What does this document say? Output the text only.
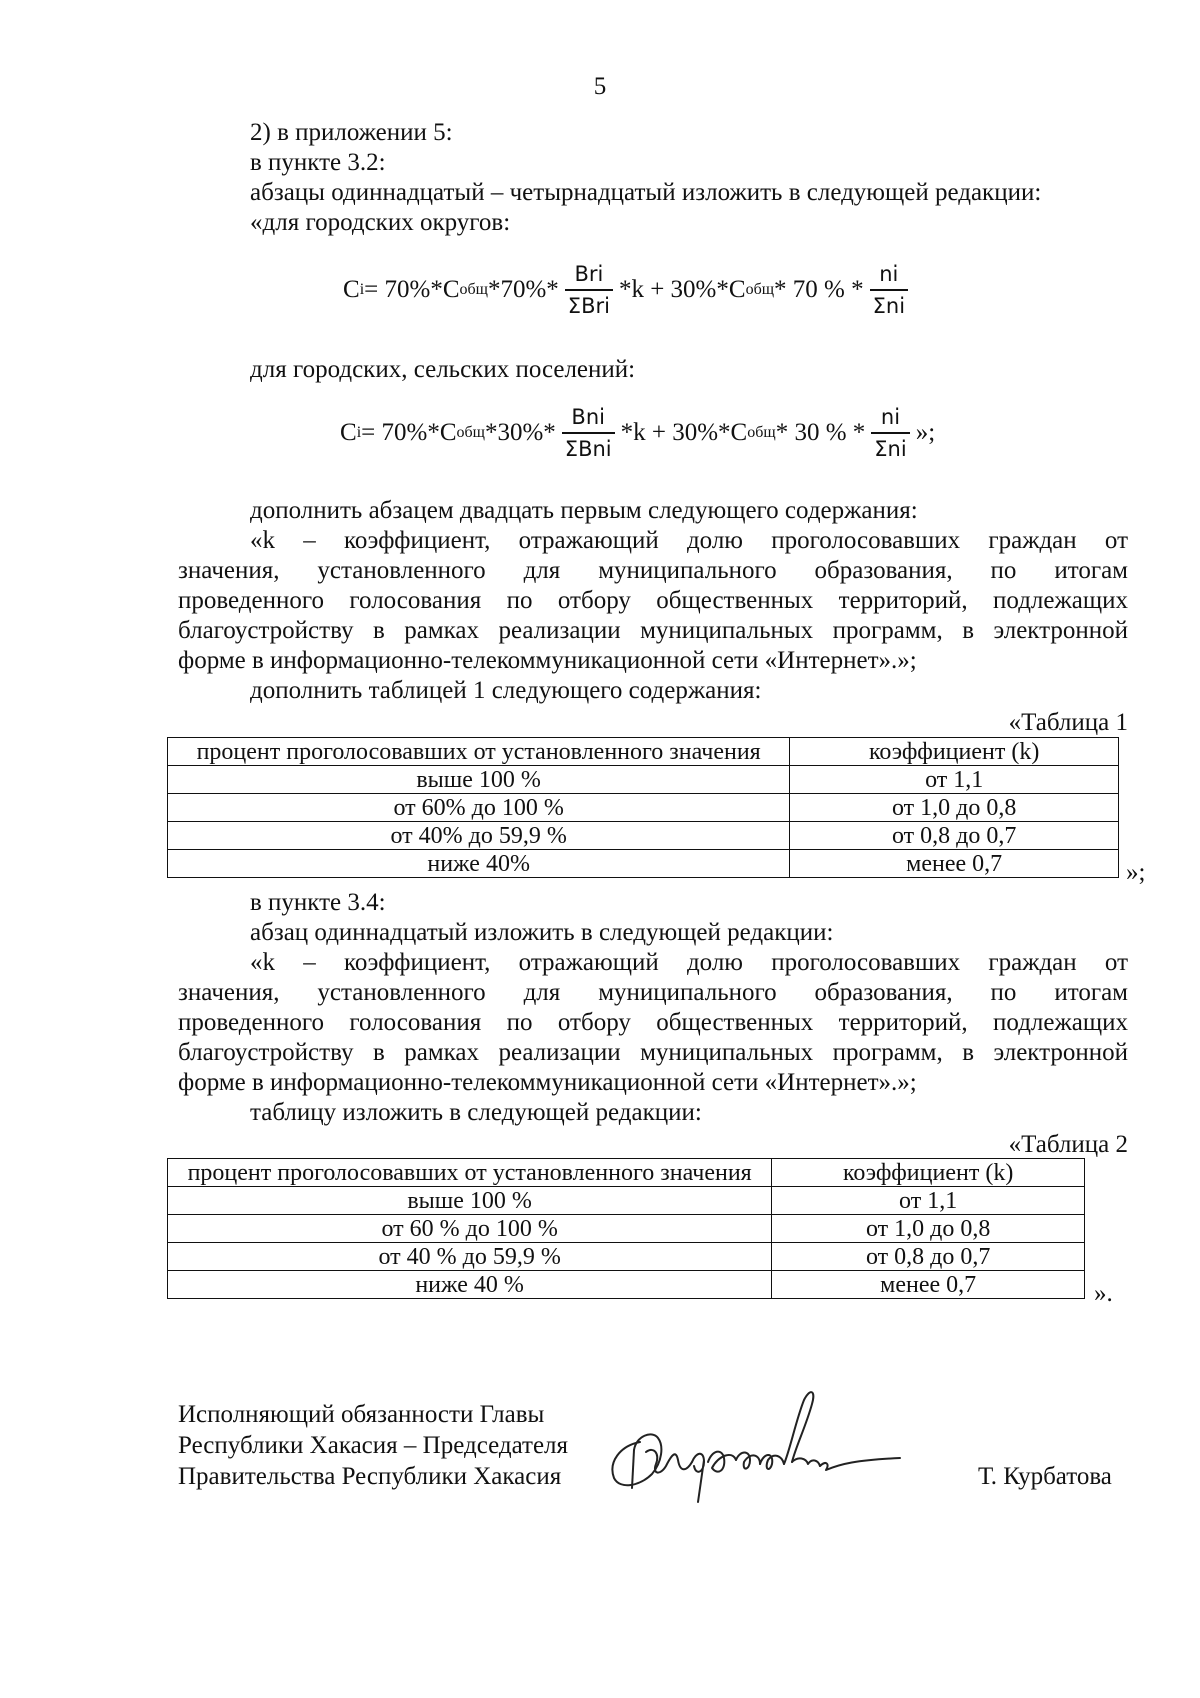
5
2) в приложении 5:
в пункте 3.2:
абзацы одиннадцатый – четырнадцатый изложить в следующей редакции:
«для городских округов:
C i = 70%*C общ $*70\%* \frac{\text{Bri}}{\text{ΣBri}} *k + 30\%*C$ общ * 70 % * $\frac{ni}{\text{Σni}}$
для городских, сельских поселений:
C i = 70%*C общ $*30\%* \frac{\text{Bni}}{\text{ΣBni}} *k + 30\%*C$ общ * 30 % * $\frac{ni}{\text{Σni}}$ »;
дополнить абзацем двадцать первым следующего содержания:
«k – коэффициент, отражающий долю проголосовавших граждан от
значения, установленного для муниципального образования, по итогам
проведенного голосования по отбору общественных территорий, подлежащих
благоустройству в рамках реализации муниципальных программ, в электронной
форме в информационно-телекоммуникационной сети «Интернет».»;
дополнить таблицей 1 следующего содержания:
«Таблица 1
процент проголосовавших от установленного значения	коэффициент (k)
выше 100 %	от 1,1
от 60% до 100 %	от 1,0 до 0,8
от 40% до 59,9 %	от 0,8 до 0,7
ниже 40%	менее 0,7	»;
в пункте 3.4:
абзац одиннадцатый изложить в следующей редакции:
«k – коэффициент, отражающий долю проголосовавших граждан от
значения, установленного для муниципального образования, по итогам
проведенного голосования по отбору общественных территорий, подлежащих
благоустройству в рамках реализации муниципальных программ, в электронной
форме в информационно-телекоммуникационной сети «Интернет».»;
таблицу изложить в следующей редакции:
«Таблица 2
процент проголосовавших от установленного значения	коэффициент (k)
выше 100 %	от 1,1
от 60 % до 100 %	от 1,0 до 0,8
от 40 % до 59,9 %	от 0,8 до 0,7
ниже 40 %	менее 0,7	».
Исполняющий обязанности Главы
Республики Хакасия – Председателя
Правительства Республики Хакасия	Т. Курбатова
